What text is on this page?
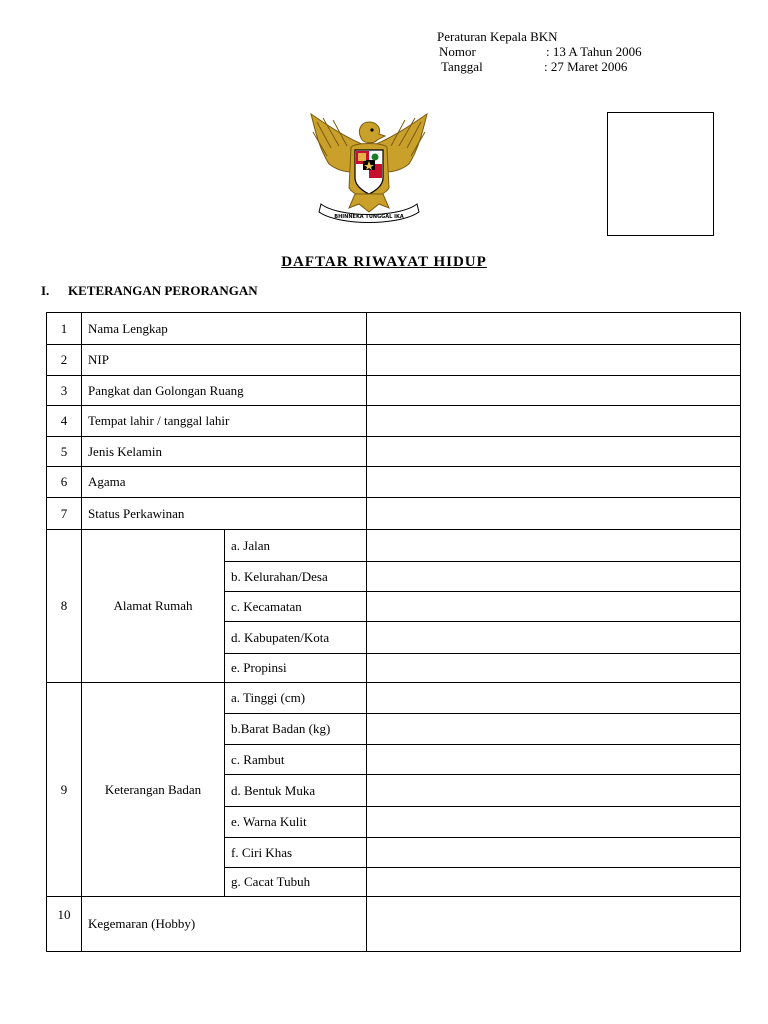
Peraturan Kepala BKN
Nomor	: 13 A Tahun 2006
Tanggal	: 27 Maret 2006
BHINNEKA TUNGGAL IKA
DAFTAR RIWAYAT HIDUP
I.	KETERANGAN PERORANGAN
1	Nama Lengkap		
2	NIP		
3	Pangkat dan Golongan Ruang		
4	Tempat lahir / tanggal lahir		
5	Jenis Kelamin		
6	Agama		
7	Status Perkawinan		
8	Alamat Rumah	a. Jalan	
		b. Kelurahan/Desa	
		c. Kecamatan	
		d. Kabupaten/Kota	
		e. Propinsi	
9	Keterangan Badan	a. Tinggi (cm)	
		b.Barat Badan (kg)	
		c. Rambut	
		d. Bentuk Muka	
		e. Warna Kulit	
		f. Ciri Khas	
		g. Cacat Tubuh	
10	Kegemaran (Hobby)		
